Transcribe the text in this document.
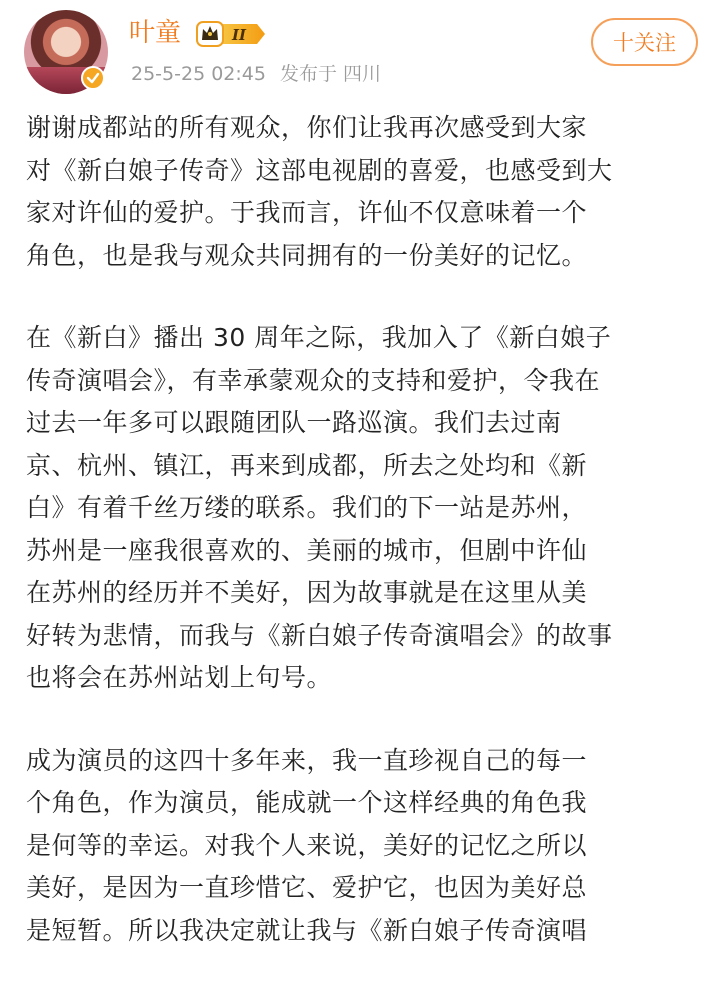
叶童	II
25-5-25 02:45 发布于 四川
十关注
谢谢成都站的所有观众，你们让我再次感受到大家
对《新白娘子传奇》这部电视剧的喜爱，也感受到大
家对许仙的爱护。于我而言，许仙不仅意味着一个
角色，也是我与观众共同拥有的一份美好的记忆。
在《新白》播出 30 周年之际，我加入了《新白娘子
传奇演唱会》，有幸承蒙观众的支持和爱护，令我在
过去一年多可以跟随团队一路巡演。我们去过南
京、杭州、镇江，再来到成都，所去之处均和《新
白》有着千丝万缕的联系。我们的下一站是苏州，
苏州是一座我很喜欢的、美丽的城市，但剧中许仙
在苏州的经历并不美好，因为故事就是在这里从美
好转为悲情，而我与《新白娘子传奇演唱会》的故事
也将会在苏州站划上句号。
成为演员的这四十多年来，我一直珍视自己的每一
个角色，作为演员，能成就一个这样经典的角色我
是何等的幸运。对我个人来说，美好的记忆之所以
美好，是因为一直珍惜它、爱护它，也因为美好总
是短暂。所以我决定就让我与《新白娘子传奇演唱
